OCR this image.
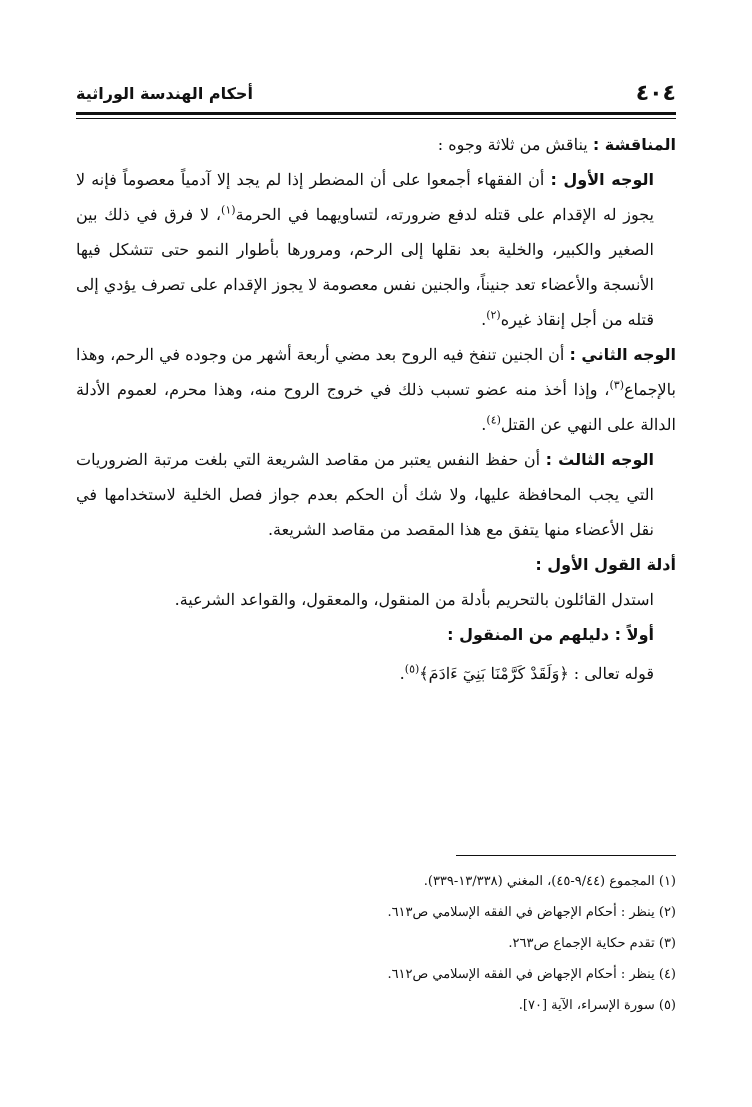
٤٠٤
أحكام الهندسة الوراثية

المناقشة : يناقش من ثلاثة وجوه :

الوجه الأول : أن الفقهاء أجمعوا على أن المضطر إذا لم يجد إلا آدمياً معصوماً فإنه لا يجوز له الإقدام على قتله لدفع ضرورته، لتساويهما في الحرمة$^{(١)}$، لا فرق في ذلك بين الصغير والكبير، والخلية بعد نقلها إلى الرحم، ومرورها بأطوار النمو حتى تتشكل فيها الأنسجة والأعضاء تعد جنيناً، والجنين نفس معصومة لا يجوز الإقدام على تصرف يؤدي إلى قتله من أجل إنقاذ غيره$^{(٢)}$.

الوجه الثاني : أن الجنين تنفخ فيه الروح بعد مضي أربعة أشهر من وجوده في الرحم، وهذا بالإجماع$^{(٣)}$، وإذا أخذ منه عضو تسبب ذلك في خروج الروح منه، وهذا محرم، لعموم الأدلة الدالة على النهي عن القتل$^{(٤)}$.

الوجه الثالث : أن حفظ النفس يعتبر من مقاصد الشريعة التي بلغت مرتبة الضروريات التي يجب المحافظة عليها، ولا شك أن الحكم بعدم جواز فصل الخلية لاستخدامها في نقل الأعضاء منها يتفق مع هذا المقصد من مقاصد الشريعة.

أدلة القول الأول :

استدل القائلون بالتحريم بأدلة من المنقول، والمعقول، والقواعد الشرعية.

أولاً : دليلهم من المنقول :

قوله تعالى : ﴿وَلَقَدْ كَرَّمْنَا بَنِيٓ ءَادَمَ﴾$^{(٥)}$.

(١) المجموع (٩/٤٤-٤٥)، المغني (١٣/٣٣٨-٣٣٩).

(٢) ينظر : أحكام الإجهاض في الفقه الإسلامي ص٦١٣.

(٣) تقدم حكاية الإجماع ص٢٦٣.

(٤) ينظر : أحكام الإجهاض في الفقه الإسلامي ص٦١٢.

(٥) سورة الإسراء، الآية [٧٠].
